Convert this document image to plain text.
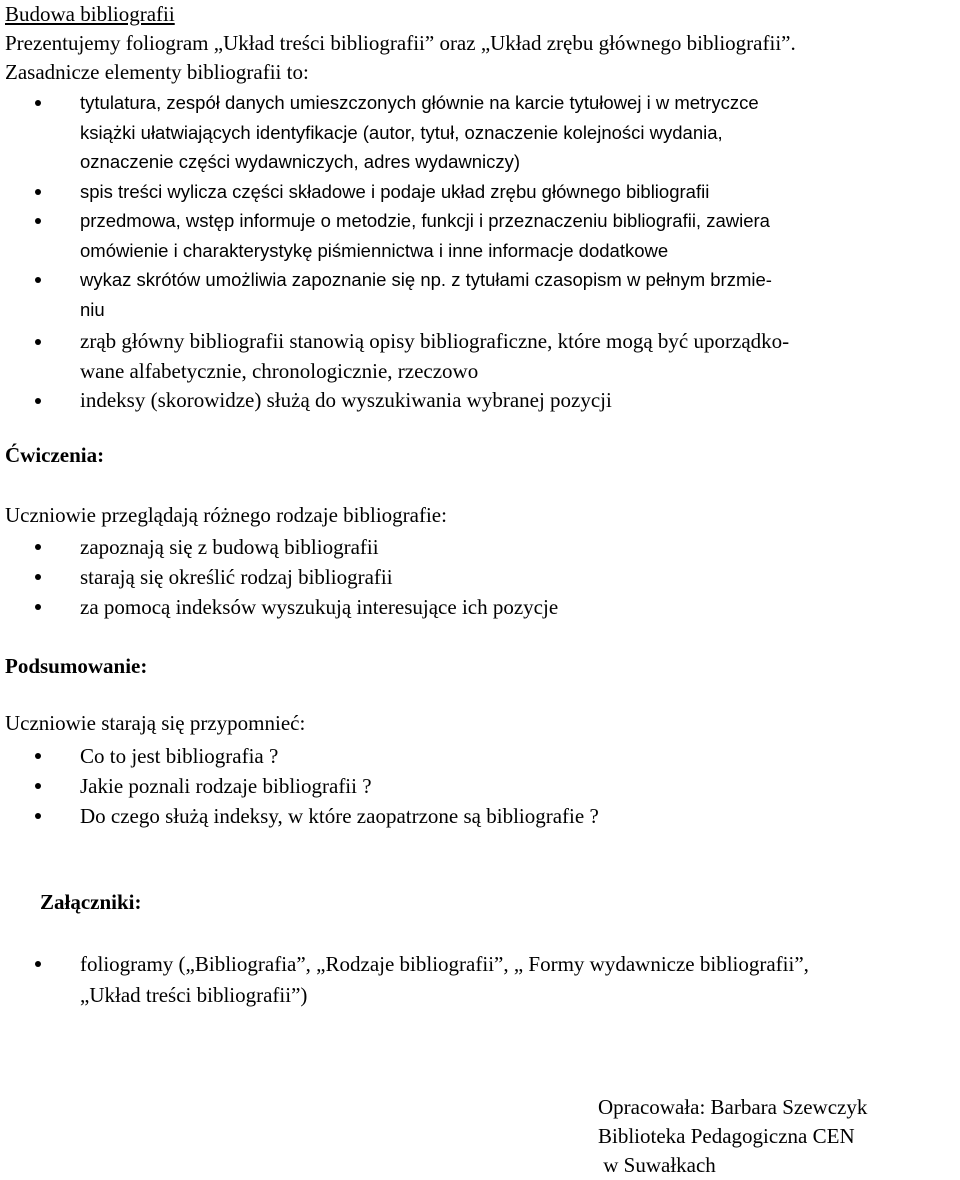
Budowa bibliografii
Prezentujemy foliogram „Układ treści bibliografii” oraz „Układ zrębu głównego bibliografii”.
Zasadnicze elementy bibliografii to:
tytulatura, zespół danych umieszczonych głównie na karcie tytułowej i w metryczce
książki ułatwiających identyfikacje (autor, tytuł, oznaczenie kolejności wydania,
oznaczenie części wydawniczych, adres wydawniczy)
spis treści wylicza części składowe i podaje układ zrębu głównego bibliografii
przedmowa, wstęp informuje o metodzie, funkcji i przeznaczeniu bibliografii, zawiera
omówienie i charakterystykę piśmiennictwa i inne informacje dodatkowe
wykaz skrótów umożliwia zapoznanie się np. z tytułami czasopism w pełnym brzmie-
niu
zrąb główny bibliografii stanowią opisy bibliograficzne, które mogą być uporządko-
wane alfabetycznie, chronologicznie, rzeczowo
indeksy (skorowidze) służą do wyszukiwania wybranej pozycji
Ćwiczenia:
Uczniowie przeglądają różnego rodzaje bibliografie:
zapoznają się z budową bibliografii
starają się określić rodzaj bibliografii
za pomocą indeksów wyszukują interesujące ich pozycje
Podsumowanie:
Uczniowie starają się przypomnieć:
Co to jest bibliografia ?
Jakie poznali rodzaje bibliografii ?
Do czego służą indeksy, w które zaopatrzone są bibliografie ?
Załączniki:
foliogramy („Bibliografia”, „Rodzaje bibliografii”, „ Formy wydawnicze bibliografii”,
„Układ treści bibliografii”)
Opracowała: Barbara Szewczyk
Biblioteka Pedagogiczna CEN
w Suwałkach
